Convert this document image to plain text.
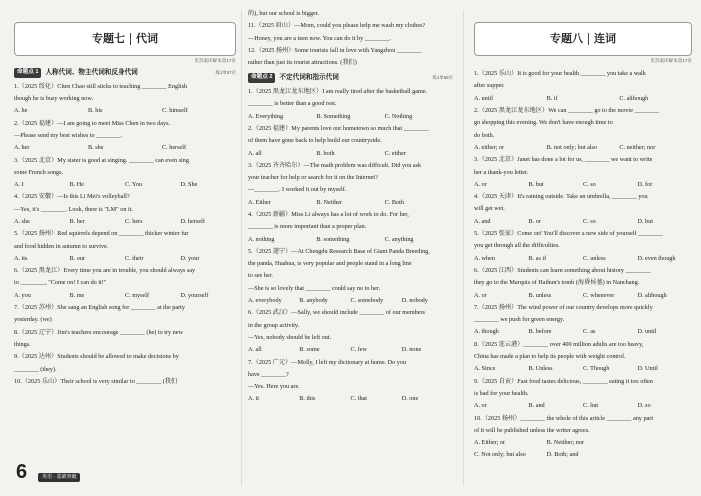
专题七 代词
见答案详解本第17页
命题点 1	人称代词、物主代词和反身代词	练1单57页
1.（2025 绥化）Chen Chao still sticks to teaching ________ English
though he is busy working now.
A. he	B. his	C. himself
2.（2025 福建）—I am going to meet Miss Chen in two days.
—Please send my best wishes to ________.
A. her	B. she	C. herself
3.（2025 北京）My sister is good at singing. ________ can even sing
some French songs.
A. I	B. He	C. You	D. She
4.（2025 安徽）—Is this Li Mei's volleyball?
—Yes, it's ________. Look, there is "LM" on it.
A. she	B. her	C. hers	D. herself
5.（2025 扬州）Red squirrels depend on ________ thicker winter fur
and food hidden in autumn to survive.
A. its	B. our	C. their	D. your
6.（2025 黑龙江）Every time you are in trouble, you should always say
to ________, "Come on! I can do it!"
A. you	B. me	C. myself	D. yourself
7.（2025 苏州）She sang an English song for ________ at the party
yesterday. (we)
8.（2025 辽宁）Jim's teachers encourage ________ (he) to try new
things.
9.（2025 达州）Students should be allowed to make decisions by
________ (they).
10.（2025 乐山）Their school is very similar to ________ (我们
6	英语 · 基础突破
的), but our school is bigger.
11.（2025 眉山）—Mom, could you please help me wash my clothes?
—Honey, you are a teen now. You can do it by ________.
12.（2025 扬州）Some tourists fall in love with Yangzhou ________
rather than just its tourist attractions. (我们)
命题点 2	不定代词和指示代词	练1单58页
1.（2025 黑龙江龙东地区）I am really tired after the basketball game.
________ is better than a good rest.
A. Everything	B. Something	C. Nothing
2.（2025 福建）My parents love our hometown so much that ________
of them have gone back to help build our countryside.
A. all	B. both	C. either
3.（2025 齐齐哈尔）—The math problem was difficult. Did you ask
your teacher for help or search for it on the Internet?
—________. I worked it out by myself.
A. Either	B. Neither	C. Both
4.（2025 新疆）Miss Li always has a lot of work to do. For her,
________ is more important than a proper plan.
A. nothing	B. something	C. anything
5.（2025 遂宁）—At Chengdu Research Base of Giant Panda Breeding,
the panda, Huahua, is very popular and people stand in a long line
to see her.
—She is so lovely that ________ could say no to her.
A. everybody	B. anybody	C. somebody	D. nobody
6.（2025 武汉）—Sally, we should include ________ of our members
in the group activity.
—Yes, nobody should be left out.
A. all	B. some	C. few	D. none
7.（2025 广元）—Molly, I left my dictionary at home. Do you
have ________?
—Yes. Here you are.
A. it	B. this	C. that	D. one
专题八 连词
见答案详解本第17页
1.（2025 乐山）It is good for your health ________ you take a walk
after supper.
A. until	B. if	C. although
2.（2025 黑龙江龙东地区）We can ________ go to the movie ________
go shopping this evening. We don't have enough time to
do both.
A. either; or	B. not only; but also	C. neither; nor
3.（2025 北京）Janet has done a lot for us, ________ we want to write
her a thank-you letter.
A. or	B. but	C. so	D. for
4.（2025 天津）It's raining outside. Take an umbrella, ________ you
will get wet.
A. and	B. or	C. so	D. but
5.（2025 张家）Come on! You'll discover a new side of yourself ________
you get through all the difficulties.
A. when	B. as if	C. unless	D. even though
6.（2025 江西）Students can learn something about history ________
they go to the Marquis of Haihun's tomb (海昏侯墓) in Nanchang.
A. or	B. unless	C. whenever	D. although
7.（2025 扬州）The wind power of our country develops more quickly
________ we push for green energy.
A. though	B. before	C. as	D. until
8.（2025 连云港）________ over 400 million adults are too heavy,
China has made a plan to help its people with weight control.
A. Since	B. Unless	C. Though	D. Until
9.（2025 自贡）Fast food tastes delicious, ________ eating it too often
is bad for your health.
A. or	B. and	C. but	D. so
10.（2025 扬州）________ the whole of this article ________ any part
of it will be published unless the writer agrees.
A. Either; or	B. Neither; nor
C. Not only; but also	D. Both; and
